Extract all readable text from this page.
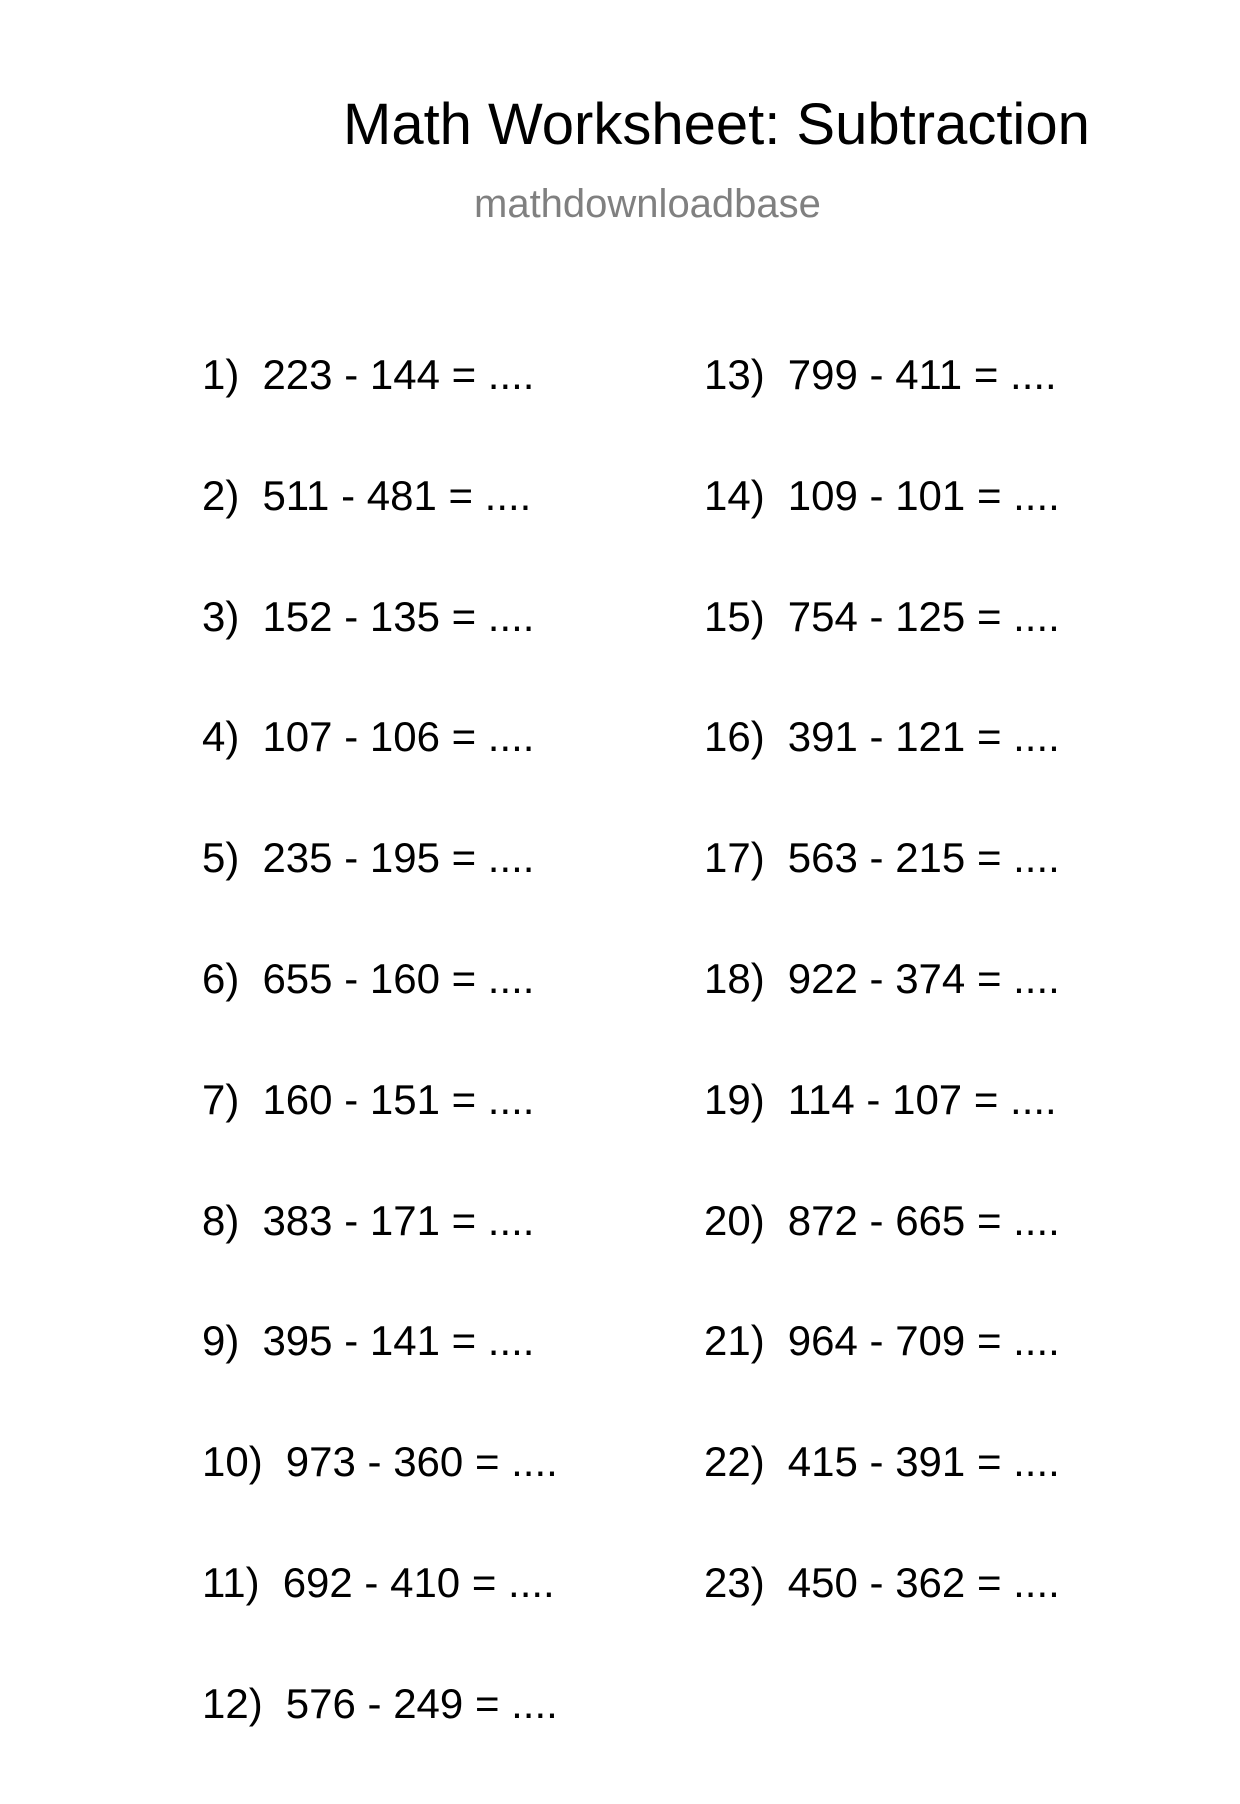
Math Worksheet: Subtraction
mathdownloadbase
1) 223 - 144 = ....
2) 511 - 481 = ....
3) 152 - 135 = ....
4) 107 - 106 = ....
5) 235 - 195 = ....
6) 655 - 160 = ....
7) 160 - 151 = ....
8) 383 - 171 = ....
9) 395 - 141 = ....
10) 973 - 360 = ....
11) 692 - 410 = ....
12) 576 - 249 = ....
13) 799 - 411 = ....
14) 109 - 101 = ....
15) 754 - 125 = ....
16) 391 - 121 = ....
17) 563 - 215 = ....
18) 922 - 374 = ....
19) 114 - 107 = ....
20) 872 - 665 = ....
21) 964 - 709 = ....
22) 415 - 391 = ....
23) 450 - 362 = ....
